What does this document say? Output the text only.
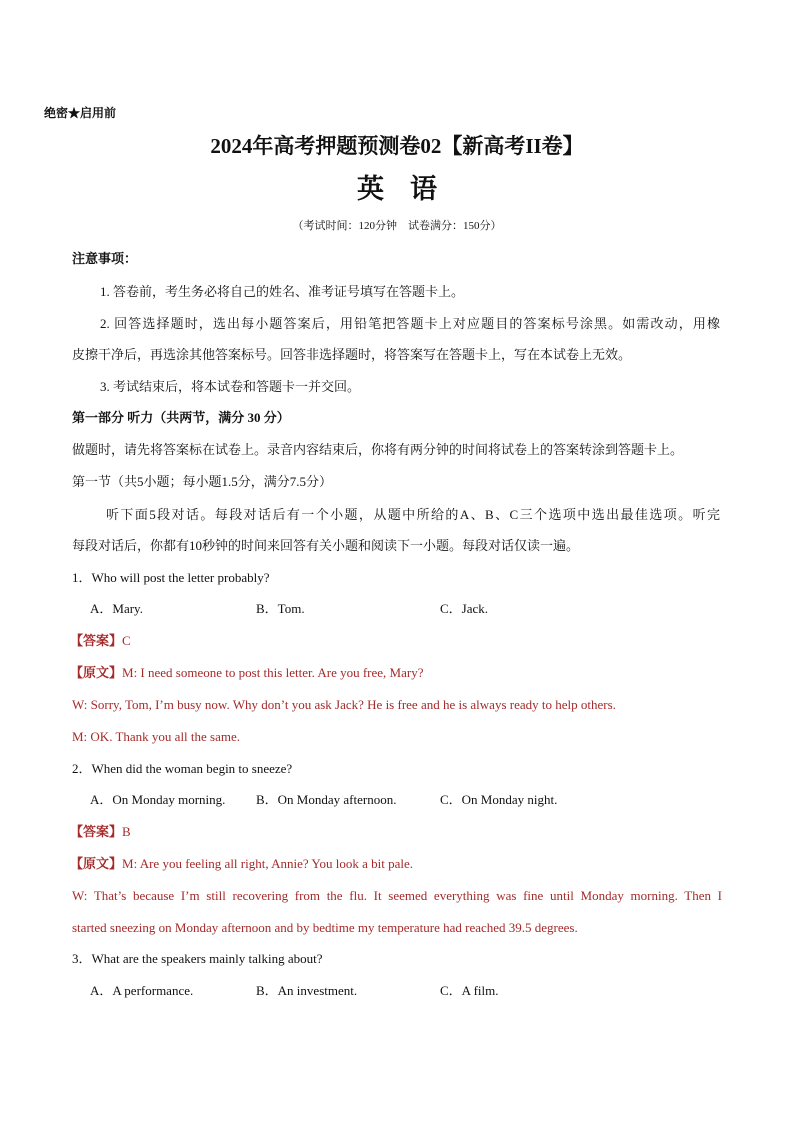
绝密★启用前
2024年高考押题预测卷02【新高考II卷】
英语
（考试时间：120分钟　试卷满分：150分）
注意事项：
1. 答卷前，考生务必将自己的姓名、准考证号填写在答题卡上。
2. 回答选择题时，选出每小题答案后，用铅笔把答题卡上对应题目的答案标号涂黑。如需改动，用橡
皮擦干净后，再选涂其他答案标号。回答非选择题时，将答案写在答题卡上，写在本试卷上无效。
3. 考试结束后，将本试卷和答题卡一并交回。
第一部分 听力（共两节，满分 30 分）
做题时，请先将答案标在试卷上。录音内容结束后，你将有两分钟的时间将试卷上的答案转涂到答题卡上。
第一节（共5小题；每小题1.5分，满分7.5分）
听下面5段对话。每段对话后有一个小题，从题中所给的A、B、C三个选项中选出最佳选项。听完
每段对话后，你都有10秒钟的时间来回答有关小题和阅读下一小题。每段对话仅读一遍。
1．Who will post the letter probably?
A．Mary.	B．Tom.	C．Jack.
【答案】C
【原文】M: I need someone to post this letter. Are you free, Mary?
W: Sorry, Tom, I’m busy now. Why don’t you ask Jack? He is free and he is always ready to help others.
M: OK. Thank you all the same.
2．When did the woman begin to sneeze?
A．On Monday morning. B．On Monday afternoon.	C．On Monday night.
【答案】B
【原文】M: Are you feeling all right, Annie? You look a bit pale.
W: That’s because I’m still recovering from the flu. It seemed everything was fine until Monday morning. Then I
started sneezing on Monday afternoon and by bedtime my temperature had reached 39.5 degrees.
3．What are the speakers mainly talking about?
A．A performance.	B．An investment.	C．A film.
